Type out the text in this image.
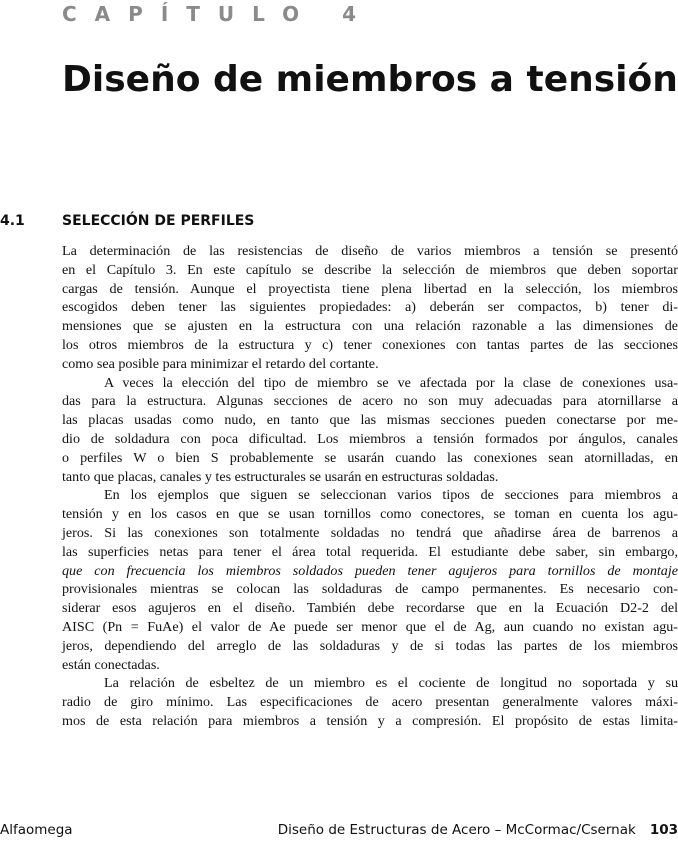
CAPÍTULO 4
Diseño de miembros a tensión
4.1	SELECCIÓN DE PERFILES
La determinación de las resistencias de diseño de varios miembros a tensión se presentó
en el Capítulo 3. En este capítulo se describe la selección de miembros que deben soportar
cargas de tensión. Aunque el proyectista tiene plena libertad en la selección, los miembros
escogidos deben tener las siguientes propiedades: a) deberán ser compactos, b) tener di-
mensiones que se ajusten en la estructura con una relación razonable a las dimensiones de
los otros miembros de la estructura y c) tener conexiones con tantas partes de las secciones
como sea posible para minimizar el retardo del cortante.
A veces la elección del tipo de miembro se ve afectada por la clase de conexiones usa-
das para la estructura. Algunas secciones de acero no son muy adecuadas para atornillarse a
las placas usadas como nudo, en tanto que las mismas secciones pueden conectarse por me-
dio de soldadura con poca dificultad. Los miembros a tensión formados por ángulos, canales
o perfiles W o bien S probablemente se usarán cuando las conexiones sean atornilladas, en
tanto que placas, canales y tes estructurales se usarán en estructuras soldadas.
En los ejemplos que siguen se seleccionan varios tipos de secciones para miembros a
tensión y en los casos en que se usan tornillos como conectores, se toman en cuenta los agu-
jeros. Si las conexiones son totalmente soldadas no tendrá que añadirse área de barrenos a
las superficies netas para tener el área total requerida. El estudiante debe saber, sin embargo,
que con frecuencia los miembros soldados pueden tener agujeros para tornillos de montaje
provisionales mientras se colocan las soldaduras de campo permanentes. Es necesario con-
siderar esos agujeros en el diseño. También debe recordarse que en la Ecuación D2-2 del
AISC (Pn = FuAe) el valor de Ae puede ser menor que el de Ag, aun cuando no existan agu-
jeros, dependiendo del arreglo de las soldaduras y de si todas las partes de los miembros
están conectadas.
La relación de esbeltez de un miembro es el cociente de longitud no soportada y su
radio de giro mínimo. Las especificaciones de acero presentan generalmente valores máxi-
mos de esta relación para miembros a tensión y a compresión. El propósito de estas limita-
Alfaomega	Diseño de Estructuras de Acero – McCormac/Csernak 103
